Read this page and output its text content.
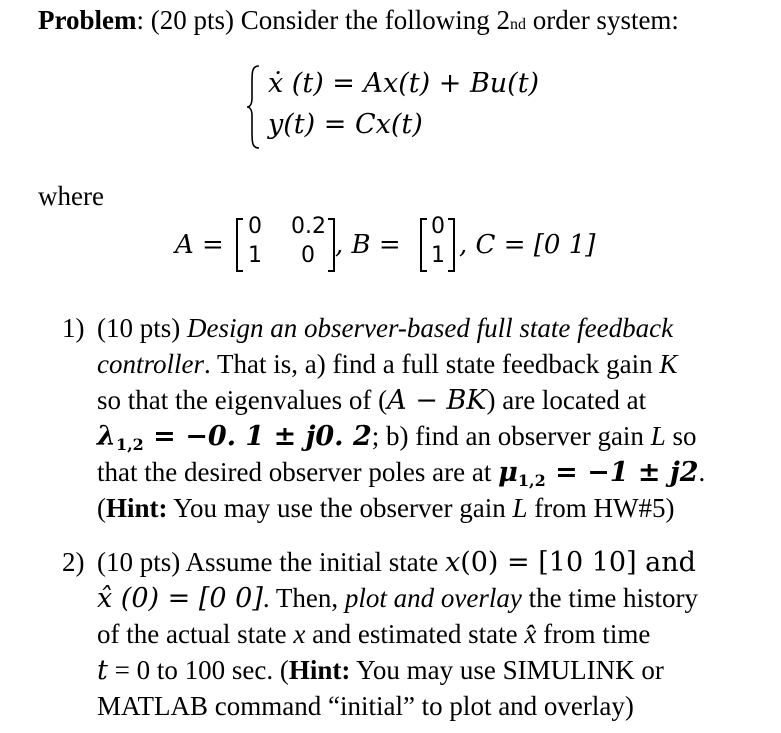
Problem: (20 pts) Consider the following 2nd order system:
ẋ (t) = Ax(t) + Bu(t)
y(t) = Cx(t)
where
A =
0 0.2
1 0 , B =
0
1 , C = [0 1]
1) (10 pts) Design an observer-based full state feedback
controller. That is, a) find a full state feedback gain K
so that the eigenvalues of (A − BK) are located at
$\lambda_{1,2} = -0$. 1 ± j0. 2; b) find an observer gain L so
that the desired observer poles are at $\mu_{1,2} = -1 \pm j2$.
(Hint: You may use the observer gain L from HW#5)
2) (10 pts) Assume the initial state x(0) = [10 10] and
x̂ (0) = [0 0]. Then, plot and overlay the time history
of the actual state x and estimated state x̂ from time
t = 0 to 100 sec. (Hint: You may use SIMULINK or
MATLAB command “initial” to plot and overlay)
